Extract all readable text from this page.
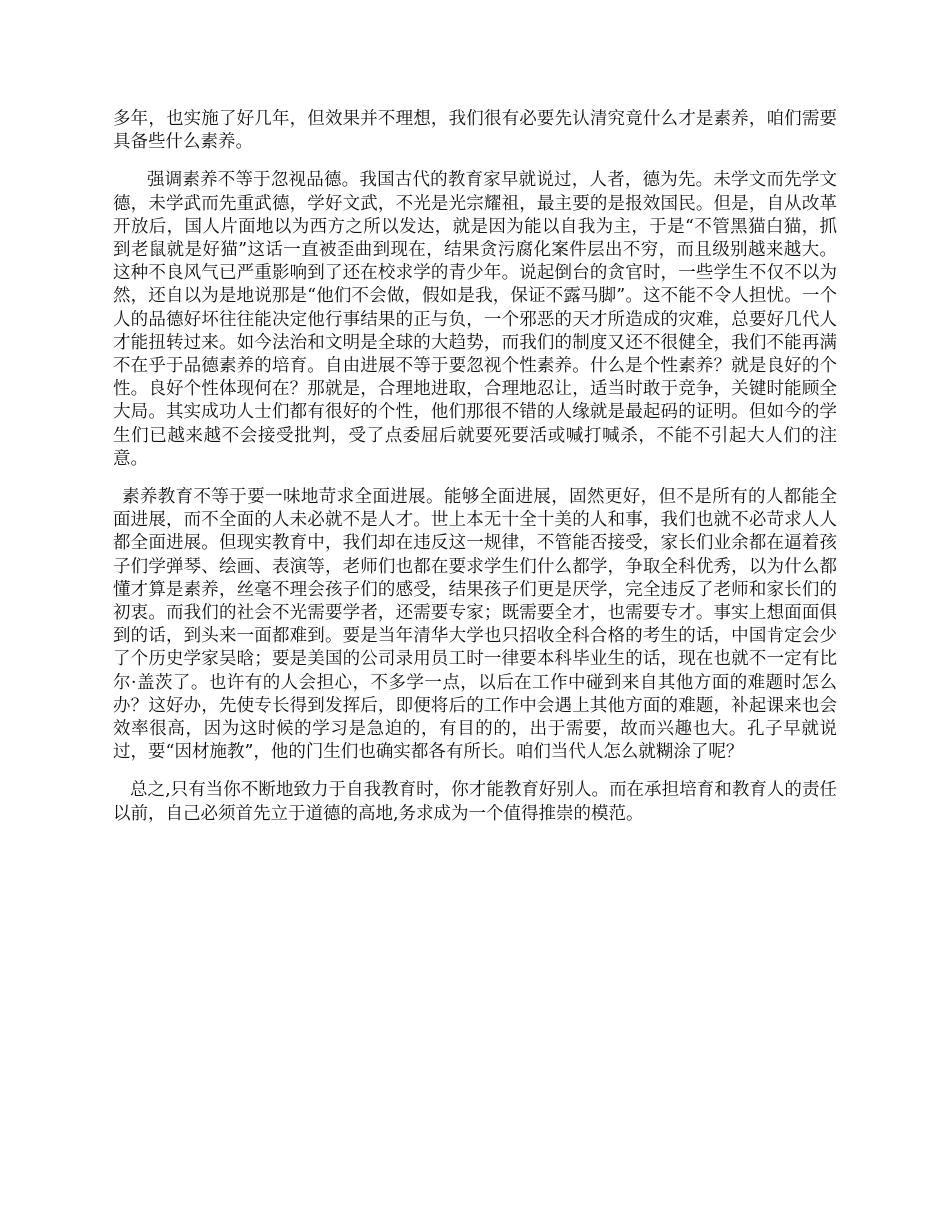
多年，也实施了好几年，但效果并不理想，我们很有必要先认清究竟什么才是素养，咱们需要具备些什么素养。

强调素养不等于忽视品德。我国古代的教育家早就说过，人者，德为先。未学文而先学文德，未学武而先重武德，学好文武，不光是光宗耀祖，最主要的是报效国民。但是，自从改革开放后，国人片面地以为西方之所以发达，就是因为能以自我为主，于是“不管黑猫白猫，抓到老鼠就是好猫”这话一直被歪曲到现在，结果贪污腐化案件层出不穷，而且级别越来越大。这种不良风气已严重影响到了还在校求学的青少年。说起倒台的贪官时，一些学生不仅不以为然，还自以为是地说那是“他们不会做，假如是我，保证不露马脚”。这不能不令人担忧。一个人的品德好坏往往能决定他行事结果的正与负，一个邪恶的天才所造成的灾难，总要好几代人才能扭转过来。如今法治和文明是全球的大趋势，而我们的制度又还不很健全，我们不能再满不在乎于品德素养的培育。自由进展不等于要忽视个性素养。什么是个性素养？就是良好的个性。良好个性体现何在？那就是，合理地进取，合理地忍让，适当时敢于竞争，关键时能顾全大局。其实成功人士们都有很好的个性，他们那很不错的人缘就是最起码的证明。但如今的学生们已越来越不会接受批判，受了点委屈后就要死要活或喊打喊杀，不能不引起大人们的注意。

素养教育不等于要一味地苛求全面进展。能够全面进展，固然更好，但不是所有的人都能全面进展，而不全面的人未必就不是人才。世上本无十全十美的人和事，我们也就不必苛求人人都全面进展。但现实教育中，我们却在违反这一规律，不管能否接受，家长们业余都在逼着孩子们学弹琴、绘画、表演等，老师们也都在要求学生们什么都学，争取全科优秀，以为什么都懂才算是素养，丝毫不理会孩子们的感受，结果孩子们更是厌学，完全违反了老师和家长们的初衷。而我们的社会不光需要学者，还需要专家；既需要全才，也需要专才。事实上想面面俱到的话，到头来一面都难到。要是当年清华大学也只招收全科合格的考生的话，中国肯定会少了个历史学家吴晗；要是美国的公司录用员工时一律要本科毕业生的话，现在也就不一定有比尔·盖茨了。也许有的人会担心，不多学一点，以后在工作中碰到来自其他方面的难题时怎么办？这好办，先使专长得到发挥后，即便将后的工作中会遇上其他方面的难题，补起课来也会效率很高，因为这时候的学习是急迫的，有目的的，出于需要，故而兴趣也大。孔子早就说过，要“因材施教”，他的门生们也确实都各有所长。咱们当代人怎么就糊涂了呢？

总之,只有当你不断地致力于自我教育时，你才能教育好别人。而在承担培育和教育人的责任以前，自己必须首先立于道德的高地,务求成为一个值得推崇的模范。
